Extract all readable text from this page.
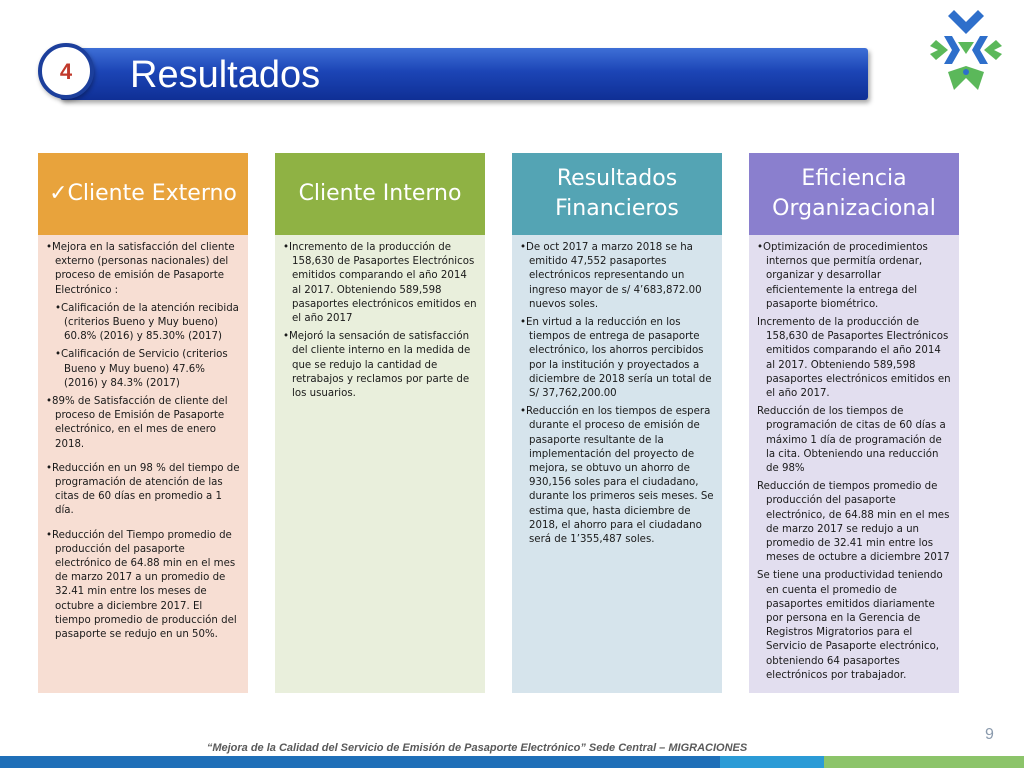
Resultados
4
✓Cliente Externo

•Mejora en la satisfacción del cliente externo (personas nacionales) del proceso de emisión de Pasaporte Electrónico :

•Calificación de la atención recibida (criterios Bueno y Muy bueno) 60.8% (2016) y 85.30% (2017)

•Calificación de Servicio (criterios Bueno y Muy bueno) 47.6% (2016) y 84.3% (2017)

•89% de Satisfacción de cliente del proceso de Emisión de Pasaporte electrónico, en el mes de enero 2018.

•Reducción en un 98 % del tiempo de programación de atención de las citas de 60 días en promedio a 1 día.

•Reducción del Tiempo promedio de producción del pasaporte electrónico de 64.88 min en el mes de marzo 2017 a un promedio de 32.41 min entre los meses de octubre a diciembre 2017. El tiempo promedio de producción del pasaporte se redujo en un 50%.

Cliente Interno

•Incremento de la producción de 158,630 de Pasaportes Electrónicos emitidos comparando el año 2014 al 2017. Obteniendo 589,598 pasaportes electrónicos emitidos en el año 2017

•Mejoró la sensación de satisfacción del cliente interno en la medida de que se redujo la cantidad de retrabajos y reclamos por parte de los usuarios.

Resultados Financieros

•De oct 2017 a marzo 2018 se ha emitido 47,552 pasaportes electrónicos representando un ingreso mayor de s/ 4’683,872.00 nuevos soles.

•En virtud a la reducción en los tiempos de entrega de pasaporte electrónico, los ahorros percibidos por la institución y proyectados a diciembre de 2018 sería un total de S/ 37,762,200.00

•Reducción en los tiempos de espera durante el proceso de emisión de pasaporte resultante de la implementación del proyecto de mejora, se obtuvo un ahorro de 930,156 soles para el ciudadano, durante los primeros seis meses. Se estima que, hasta diciembre de 2018, el ahorro para el ciudadano será de 1’355,487 soles.

Eficiencia Organizacional

•Optimización de procedimientos internos que permitía ordenar, organizar y desarrollar eficientemente la entrega del pasaporte biométrico.

Incremento de la producción de 158,630 de Pasaportes Electrónicos emitidos comparando el año 2014 al 2017. Obteniendo 589,598 pasaportes electrónicos emitidos en el año 2017.

Reducción de los tiempos de programación de citas de 60 días a máximo 1 día de programación de la cita. Obteniendo una reducción de 98%

Reducción de tiempos promedio de producción del pasaporte electrónico, de 64.88 min en el mes de marzo 2017 se redujo a un promedio de 32.41 min entre los meses de octubre a diciembre 2017

Se tiene una productividad teniendo en cuenta el promedio de pasaportes emitidos diariamente por persona en la Gerencia de Registros Migratorios para el Servicio de Pasaporte electrónico, obteniendo 64 pasaportes electrónicos por trabajador.

9
“Mejora de la Calidad del Servicio de Emisión de Pasaporte Electrónico” Sede Central – MIGRACIONES
